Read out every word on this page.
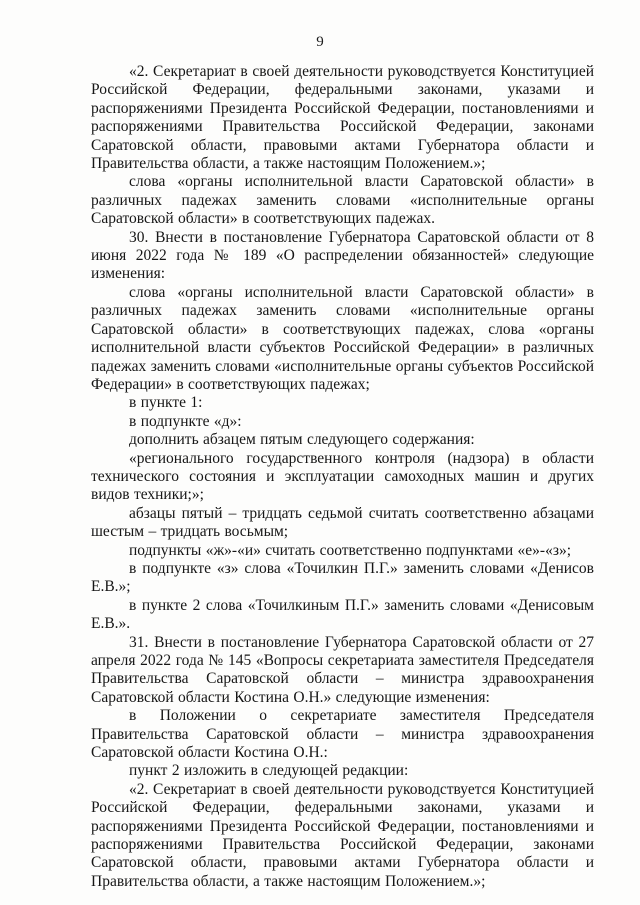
9

«2. Секретариат в своей деятельности руководствуется Конституцией Российской Федерации, федеральными законами, указами и распоряжениями Президента Российской Федерации, постановлениями и распоряжениями Правительства Российской Федерации, законами Саратовской области, правовыми актами Губернатора области и Правительства области, а также настоящим Положением.»;

слова «органы исполнительной власти Саратовской области» в различных падежах заменить словами «исполнительные органы Саратовской области» в соответствующих падежах.

30. Внести в постановление Губернатора Саратовской области от 8 июня 2022 года № 189 «О распределении обязанностей» следующие изменения:

слова «органы исполнительной власти Саратовской области» в различных падежах заменить словами «исполнительные органы Саратовской области» в соответствующих падежах, слова «органы исполнительной власти субъектов Российской Федерации» в различных падежах заменить словами «исполнительные органы субъектов Российской Федерации» в соответствующих падежах;

в пункте 1:

в подпункте «д»:

дополнить абзацем пятым следующего содержания:

«регионального государственного контроля (надзора) в области технического состояния и эксплуатации самоходных машин и других видов техники;»;

абзацы пятый – тридцать седьмой считать соответственно абзацами шестым – тридцать восьмым;

подпункты «ж»-«и» считать соответственно подпунктами «е»-«з»;

в подпункте «з» слова «Точилкин П.Г.» заменить словами «Денисов Е.В.»;

в пункте 2 слова «Точилкиным П.Г.» заменить словами «Денисовым Е.В.».

31. Внести в постановление Губернатора Саратовской области от 27 апреля 2022 года № 145 «Вопросы секретариата заместителя Председателя Правительства Саратовской области – министра здравоохранения Саратовской области Костина О.Н.» следующие изменения:

в Положении о секретариате заместителя Председателя Правительства Саратовской области – министра здравоохранения Саратовской области Костина О.Н.:

пункт 2 изложить в следующей редакции:

«2. Секретариат в своей деятельности руководствуется Конституцией Российской Федерации, федеральными законами, указами и распоряжениями Президента Российской Федерации, постановлениями и распоряжениями Правительства Российской Федерации, законами Саратовской области, правовыми актами Губернатора области и Правительства области, а также настоящим Положением.»;
